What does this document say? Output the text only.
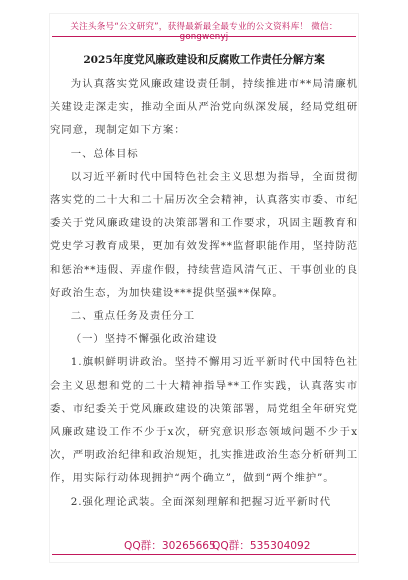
关注头条号“公文研究”，获得最新最全最专业的公文资料库！ 微信：gongwenyj

2025年度党风廉政建设和反腐败工作责任分解方案

为认真落实党风廉政建设责任制，持续推进市**局清廉机关建设走深走实，推动全面从严治党向纵深发展，经局党组研究同意，现制定如下方案：

一、总体目标

以习近平新时代中国特色社会主义思想为指导，全面贯彻落实党的二十大和二十届历次全会精神，认真落实市委、市纪委关于党风廉政建设的决策部署和工作要求，巩固主题教育和党史学习教育成果，更加有效发挥**监督职能作用，坚持防范和惩治**违假、弄虚作假，持续营造风清气正、干事创业的良好政治生态，为加快建设***提供坚强**保障。

二、重点任务及责任分工

（一）坚持不懈强化政治建设

1.旗帜鲜明讲政治。坚持不懈用习近平新时代中国特色社会主义思想和党的二十大精神指导**工作实践，认真落实市委、市纪委关于党风廉政建设的决策部署，局党组全年研究党风廉政建设工作不少于x次，研究意识形态领域问题不少于x次，严明政治纪律和政治规矩，扎实推进政治生态分析研判工作，用实际行动体现拥护“两个确立”，做到“两个维护”。

2.强化理论武装。全面深刻理解和把握习近平新时代

QQ群：30265665
QQ群：535304092
